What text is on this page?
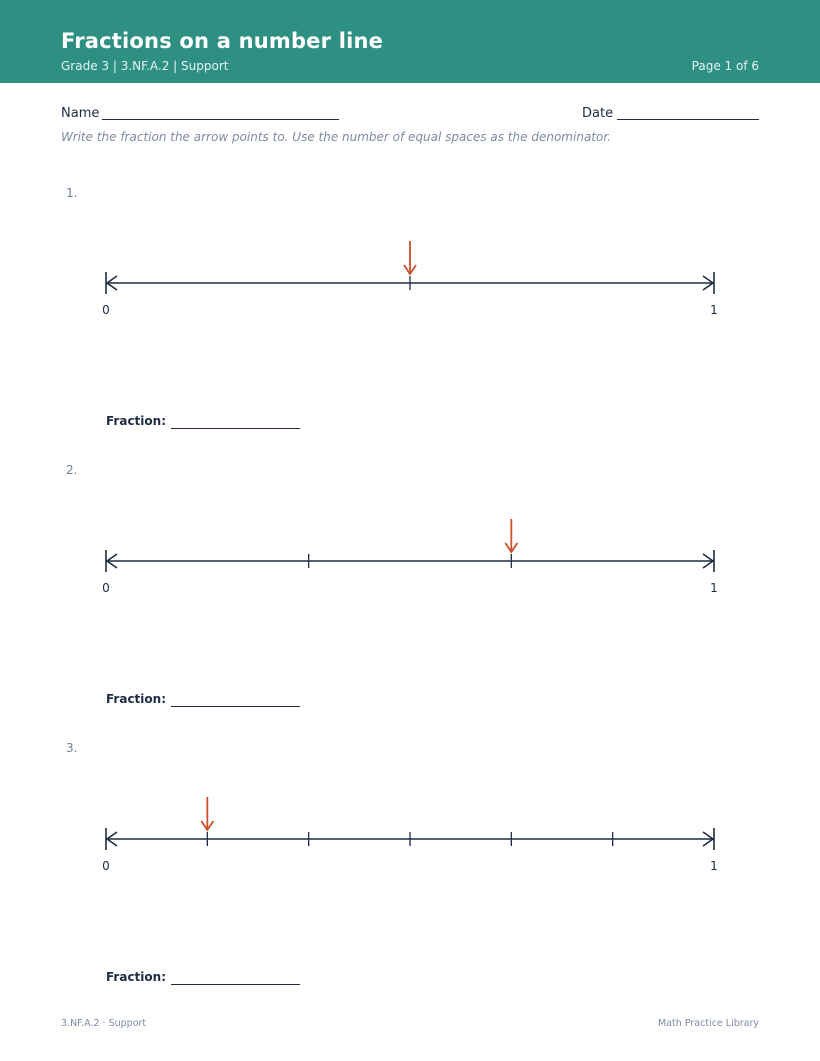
Fractions on a number line
Grade 3 | 3.NF.A.2 | Support	Page 1 of 6
Name	Date
Write the fraction the arrow points to. Use the number of equal spaces as the denominator.
1.
0	1
Fraction:
2.
0	1
Fraction:
3.
0	1
Fraction:
3.NF.A.2 · Support	Math Practice Library
